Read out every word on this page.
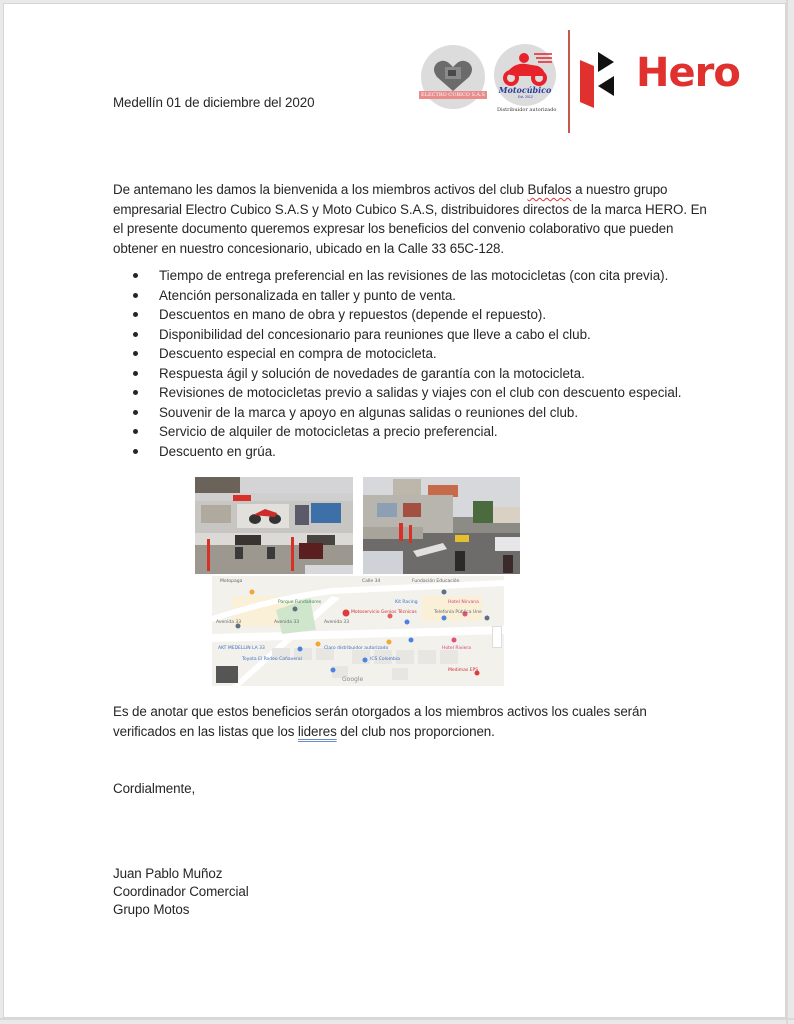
ELECTRO CUBICO S.A.S Motocúbico
Est. 2012
Distribuidor autorizado
Hero
Medellín 01 de diciembre del 2020
De antemano les damos la bienvenida a los miembros activos del club Bufalos a nuestro grupo
empresarial Electro Cubico S.A.S y Moto Cubico S.A.S, distribuidores directos de la marca HERO. En
el presente documento queremos expresar los beneficios del convenio colaborativo que pueden
obtener en nuestro concesionario, ubicado en la Calle 33 65C-128.
Tiempo de entrega preferencial en las revisiones de las motocicletas (con cita previa).
Atención personalizada en taller y punto de venta.
Descuentos en mano de obra y repuestos (depende el repuesto).
Disponibilidad del concesionario para reuniones que lleve a cabo el club.
Descuento especial en compra de motocicleta.
Respuesta ágil y solución de novedades de garantía con la motocicleta.
Revisiones de motocicletas previo a salidas y viajes con el club con descuento especial.
Souvenir de la marca y apoyo en algunas salidas o reuniones del club.
Servicio de alquiler de motocicletas a precio preferencial.
Descuento en grúa.
Motopaga	Calle 34	Fundación Educación
Parque Fundadores	Kit Racing	Hotel Nirvana
Motoservicio Genios Técnicos	Telefonía Pública Une
Avenida 33	Avenida 33	Avenida 33
AKT MEDELLIN LA 33	Claro distribuidor autorizado	Hotel Riviera
Toyota El Rodeo Cañaveral	ICS Colombia
Medimas EPS
Google
Es de anotar que estos beneficios serán otorgados a los miembros activos los cuales serán
verificados en las listas que los lideres del club nos proporcionen.
Cordialmente,
Juan Pablo Muñoz
Coordinador Comercial
Grupo Motos
